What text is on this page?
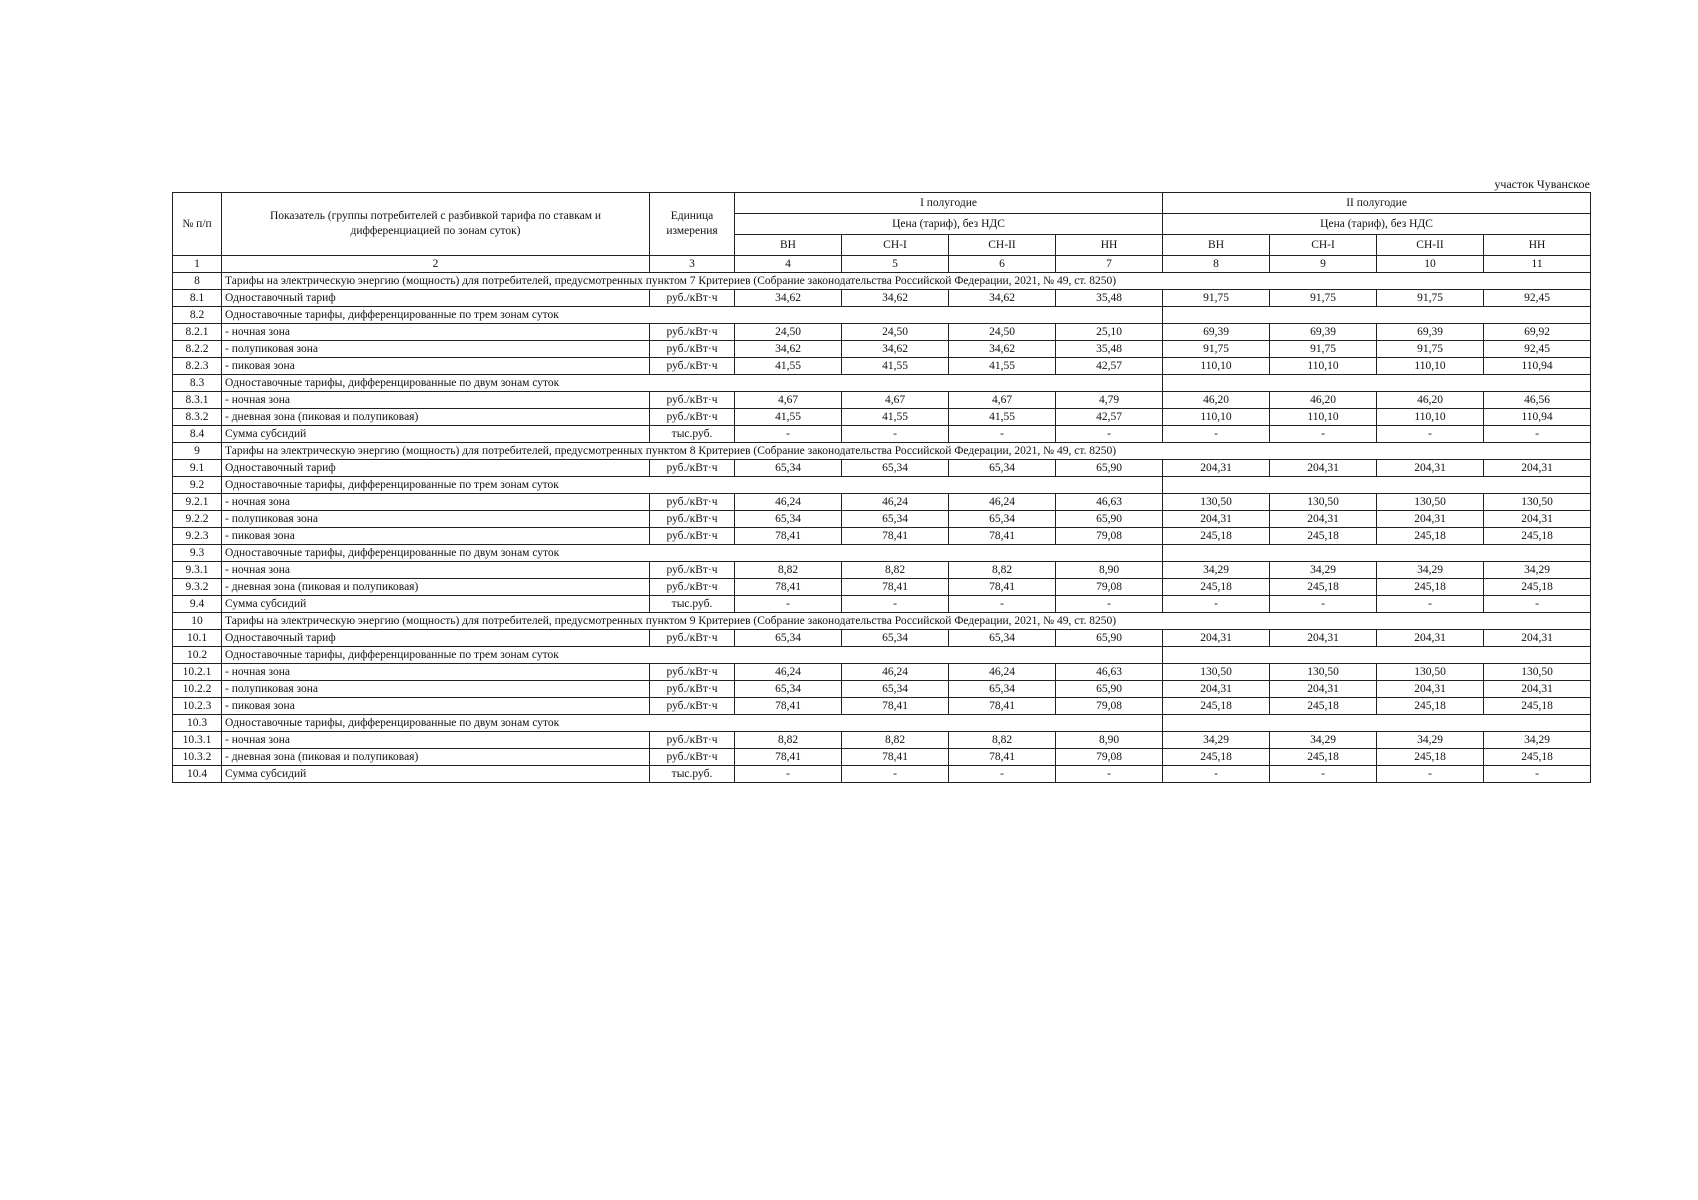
участок Чуванское
№ п/п	Показатель (группы потребителей с разбивкой тарифа по ставкам и дифференциацией по зонам суток)	Единица измерения	I полугодие				II полугодие			
			Цена (тариф), без НДС				Цена (тариф), без НДС			
			ВН	СН-I	СН-II	НН	ВН	СН-I	СН-II	НН
1	2	3	4	5	6	7	8	9	10	11
8	Тарифы на электрическую энергию (мощность) для потребителей, предусмотренных пунктом 7 Критериев (Собрание законодательства Российской Федерации, 2021, № 49, ст. 8250)									
8.1	Одноставочный тариф	руб./кВт·ч	34,62	34,62	34,62	35,48	91,75	91,75	91,75	92,45
8.2	Одноставочные тарифы, дифференцированные по трем зонам суток									
8.2.1	- ночная зона	руб./кВт·ч	24,50	24,50	24,50	25,10	69,39	69,39	69,39	69,92
8.2.2	- полупиковая зона	руб./кВт·ч	34,62	34,62	34,62	35,48	91,75	91,75	91,75	92,45
8.2.3	- пиковая зона	руб./кВт·ч	41,55	41,55	41,55	42,57	110,10	110,10	110,10	110,94
8.3	Одноставочные тарифы, дифференцированные по двум зонам суток									
8.3.1	- ночная зона	руб./кВт·ч	4,67	4,67	4,67	4,79	46,20	46,20	46,20	46,56
8.3.2	- дневная зона (пиковая и полупиковая)	руб./кВт·ч	41,55	41,55	41,55	42,57	110,10	110,10	110,10	110,94
8.4	Сумма субсидий	тыс.руб.	-	-	-	-	-	-	-	-
9	Тарифы на электрическую энергию (мощность) для потребителей, предусмотренных пунктом 8 Критериев (Собрание законодательства Российской Федерации, 2021, № 49, ст. 8250)									
9.1	Одноставочный тариф	руб./кВт·ч	65,34	65,34	65,34	65,90	204,31	204,31	204,31	204,31
9.2	Одноставочные тарифы, дифференцированные по трем зонам суток									
9.2.1	- ночная зона	руб./кВт·ч	46,24	46,24	46,24	46,63	130,50	130,50	130,50	130,50
9.2.2	- полупиковая зона	руб./кВт·ч	65,34	65,34	65,34	65,90	204,31	204,31	204,31	204,31
9.2.3	- пиковая зона	руб./кВт·ч	78,41	78,41	78,41	79,08	245,18	245,18	245,18	245,18
9.3	Одноставочные тарифы, дифференцированные по двум зонам суток									
9.3.1	- ночная зона	руб./кВт·ч	8,82	8,82	8,82	8,90	34,29	34,29	34,29	34,29
9.3.2	- дневная зона (пиковая и полупиковая)	руб./кВт·ч	78,41	78,41	78,41	79,08	245,18	245,18	245,18	245,18
9.4	Сумма субсидий	тыс.руб.	-	-	-	-	-	-	-	-
10	Тарифы на электрическую энергию (мощность) для потребителей, предусмотренных пунктом 9 Критериев (Собрание законодательства Российской Федерации, 2021, № 49, ст. 8250)									
10.1	Одноставочный тариф	руб./кВт·ч	65,34	65,34	65,34	65,90	204,31	204,31	204,31	204,31
10.2	Одноставочные тарифы, дифференцированные по трем зонам суток									
10.2.1	- ночная зона	руб./кВт·ч	46,24	46,24	46,24	46,63	130,50	130,50	130,50	130,50
10.2.2	- полупиковая зона	руб./кВт·ч	65,34	65,34	65,34	65,90	204,31	204,31	204,31	204,31
10.2.3	- пиковая зона	руб./кВт·ч	78,41	78,41	78,41	79,08	245,18	245,18	245,18	245,18
10.3	Одноставочные тарифы, дифференцированные по двум зонам суток									
10.3.1	- ночная зона	руб./кВт·ч	8,82	8,82	8,82	8,90	34,29	34,29	34,29	34,29
10.3.2	- дневная зона (пиковая и полупиковая)	руб./кВт·ч	78,41	78,41	78,41	79,08	245,18	245,18	245,18	245,18
10.4	Сумма субсидий	тыс.руб.	-	-	-	-	-	-	-	-
